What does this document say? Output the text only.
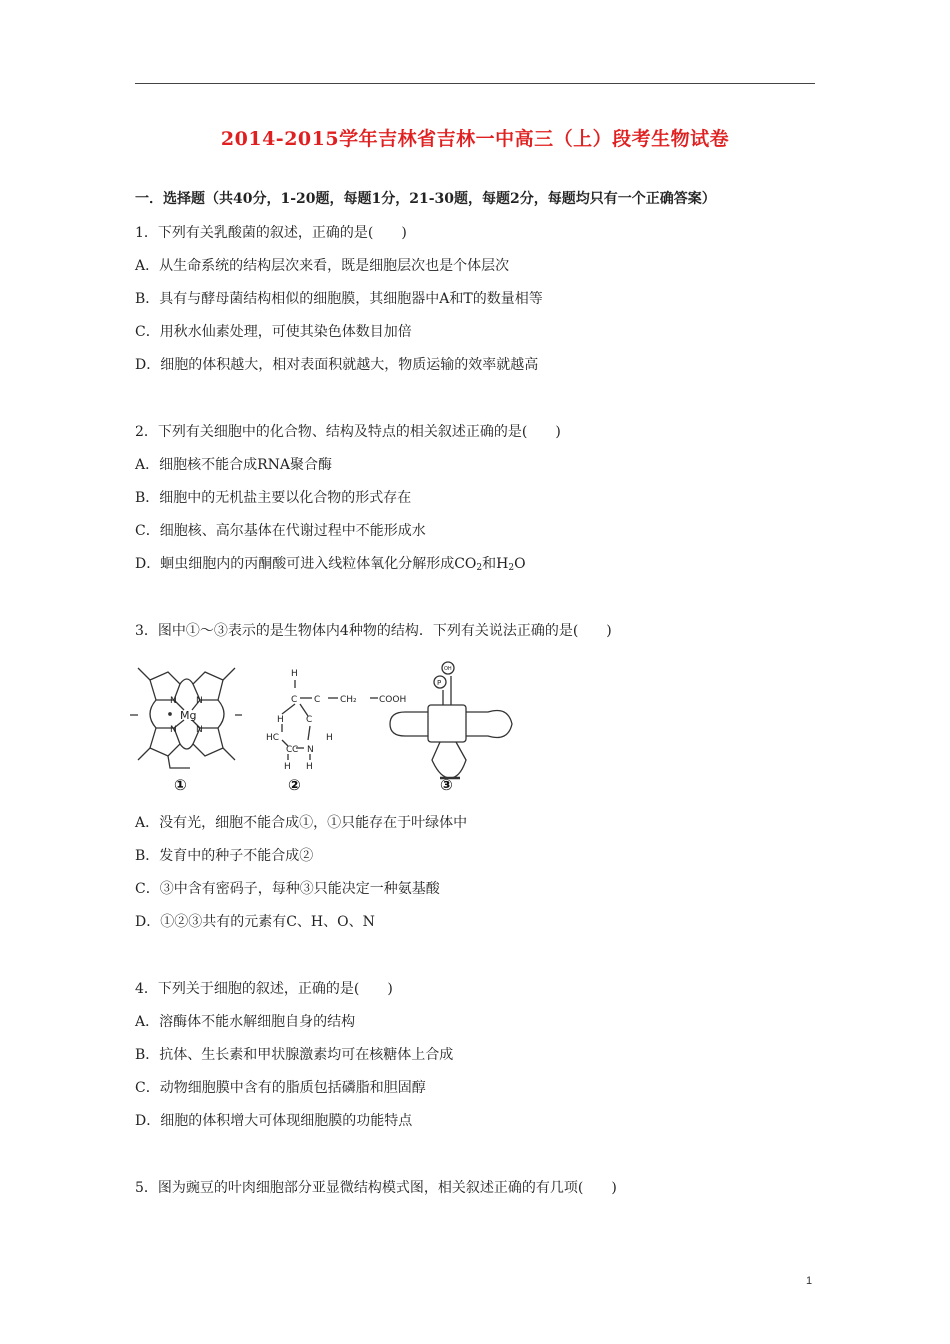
2014-2015学年吉林省吉林一中高三（上）段考生物试卷
一．选择题（共40分，1-20题，每题1分，21-30题，每题2分，每题均只有一个正确答案）
1．下列有关乳酸菌的叙述，正确的是(　　)
A．从生命系统的结构层次来看，既是细胞层次也是个体层次
B．具有与酵母菌结构相似的细胞膜，其细胞器中A和T的数量相等
C．用秋水仙素处理，可使其染色体数目加倍
D．细胞的体积越大，相对表面积就越大，物质运输的效率就越高
2．下列有关细胞中的化合物、结构及特点的相关叙述正确的是(　　)
A．细胞核不能合成RNA聚合酶
B．细胞中的无机盐主要以化合物的形式存在
C．细胞核、高尔基体在代谢过程中不能形成水
D．蛔虫细胞内的丙酮酸可进入线粒体氧化分解形成$CO_2$和$H_2O$
3．图中①～③表示的是生物体内4种物的结构．下列有关说法正确的是(　　)
N N
N N
Mg
H
C
H
C
C
CH₂ COOH
HC
C
H
C N
H H
OH
P
①	②	③
A．没有光，细胞不能合成①，①只能存在于叶绿体中
B．发育中的种子不能合成②
C．③中含有密码子，每种③只能决定一种氨基酸
D．①②③共有的元素有C、H、O、N
4．下列关于细胞的叙述，正确的是(　　)
A．溶酶体不能水解细胞自身的结构
B．抗体、生长素和甲状腺激素均可在核糖体上合成
C．动物细胞膜中含有的脂质包括磷脂和胆固醇
D．细胞的体积增大可体现细胞膜的功能特点
5．图为豌豆的叶肉细胞部分亚显微结构模式图，相关叙述正确的有几项(　　)
1
